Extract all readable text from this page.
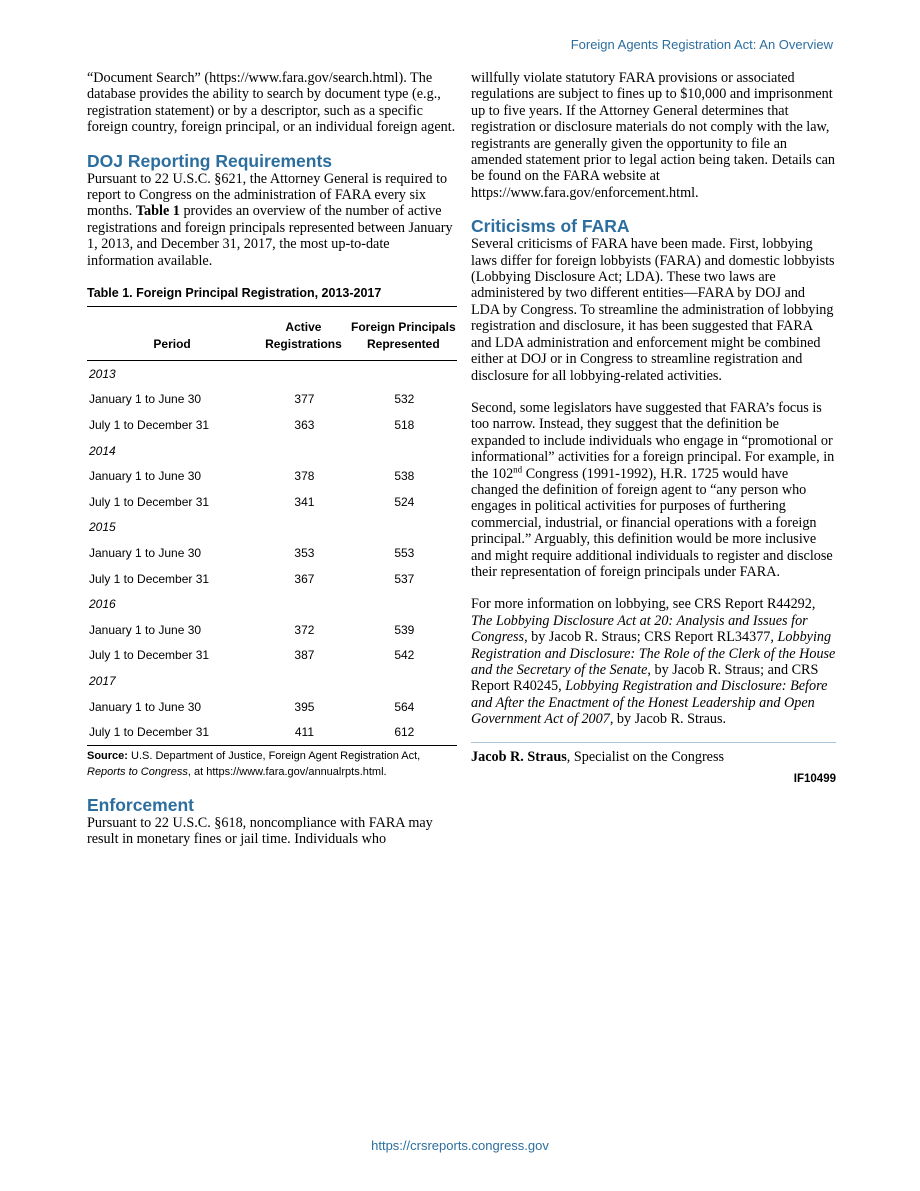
Foreign Agents Registration Act: An Overview

“Document Search” (https://www.fara.gov/search.html). The database provides the ability to search by document type (e.g., registration statement) or by a descriptor, such as a specific foreign country, foreign principal, or an individual foreign agent.

DOJ Reporting Requirements

Pursuant to 22 U.S.C. §621, the Attorney General is required to report to Congress on the administration of FARA every six months. Table 1 provides an overview of the number of active registrations and foreign principals represented between January 1, 2013, and December 31, 2017, the most up-to-date information available.

Table 1. Foreign Principal Registration, 2013-2017

Period	Active Registrations	Foreign Principals Represented
2013		
January 1 to June 30	377	532
July 1 to December 31	363	518
2014		
January 1 to June 30	378	538
July 1 to December 31	341	524
2015		
January 1 to June 30	353	553
July 1 to December 31	367	537
2016		
January 1 to June 30	372	539
July 1 to December 31	387	542
2017		
January 1 to June 30	395	564
July 1 to December 31	411	612
Source: U.S. Department of Justice, Foreign Agent Registration Act, Reports to Congress, at https://www.fara.gov/annualrpts.html.
Enforcement

Pursuant to 22 U.S.C. §618, noncompliance with FARA may result in monetary fines or jail time. Individuals who

willfully violate statutory FARA provisions or associated regulations are subject to fines up to $10,000 and imprisonment up to five years. If the Attorney General determines that registration or disclosure materials do not comply with the law, registrants are generally given the opportunity to file an amended statement prior to legal action being taken. Details can be found on the FARA website at https://www.fara.gov/enforcement.html.

Criticisms of FARA

Several criticisms of FARA have been made. First, lobbying laws differ for foreign lobbyists (FARA) and domestic lobbyists (Lobbying Disclosure Act; LDA). These two laws are administered by two different entities—FARA by DOJ and LDA by Congress. To streamline the administration of lobbying registration and disclosure, it has been suggested that FARA and LDA administration and enforcement might be combined either at DOJ or in Congress to streamline registration and disclosure for all lobbying-related activities.

Second, some legislators have suggested that FARA’s focus is too narrow. Instead, they suggest that the definition be expanded to include individuals who engage in “promotional or informational” activities for a foreign principal. For example, in the 102nd Congress (1991-1992), H.R. 1725 would have changed the definition of foreign agent to “any person who engages in political activities for purposes of furthering commercial, industrial, or financial operations with a foreign principal.” Arguably, this definition would be more inclusive and might require additional individuals to register and disclose their representation of foreign principals under FARA.

For more information on lobbying, see CRS Report R44292, The Lobbying Disclosure Act at 20: Analysis and Issues for Congress, by Jacob R. Straus; CRS Report RL34377, Lobbying Registration and Disclosure: The Role of the Clerk of the House and the Secretary of the Senate, by Jacob R. Straus; and CRS Report R40245, Lobbying Registration and Disclosure: Before and After the Enactment of the Honest Leadership and Open Government Act of 2007, by Jacob R. Straus.

Jacob R. Straus, Specialist on the Congress

IF10499
https://crsreports.congress.gov
